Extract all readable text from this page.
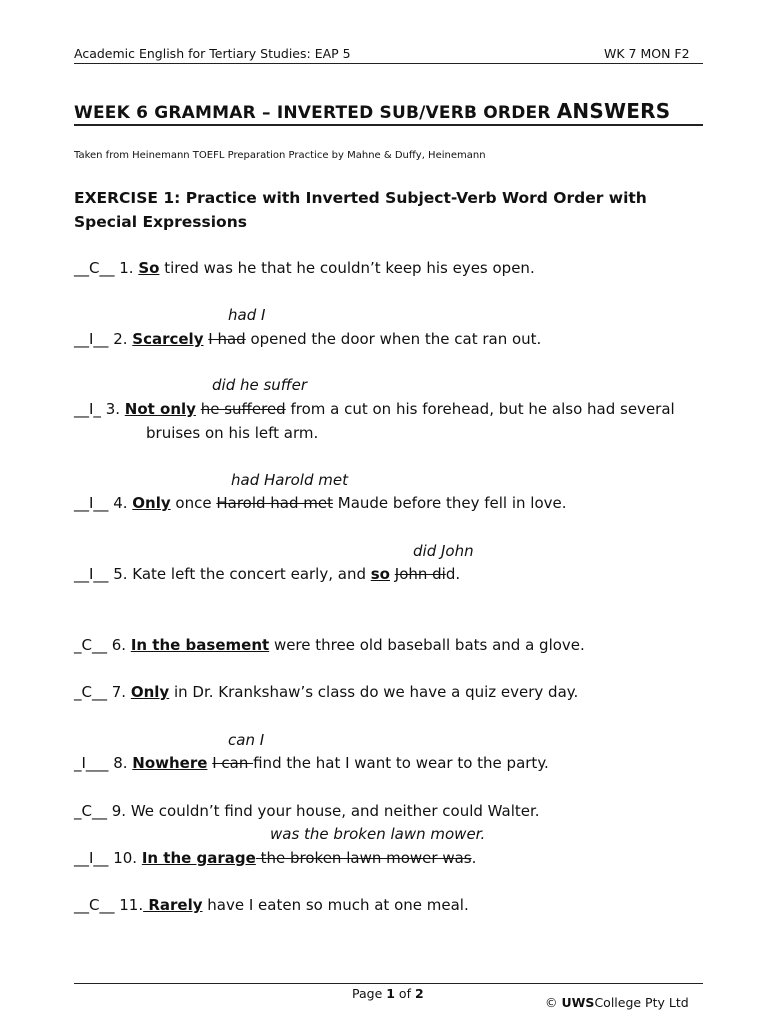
Academic English for Tertiary Studies: EAP 5	WK 7 MON F2
WEEK 6 GRAMMAR – INVERTED SUB/VERB ORDER ANSWERS
Taken from Heinemann TOEFL Preparation Practice by Mahne & Duffy, Heinemann
EXERCISE 1: Practice with Inverted Subject-Verb Word Order with
Special Expressions
__C__ 1. So tired was he that he couldn’t keep his eyes open.
had I
__I__ 2. Scarcely I had opened the door when the cat ran out.
did he suffer
__I_ 3. Not only he suffered from a cut on his forehead, but he also had several
bruises on his left arm.
had Harold met
__I__ 4. Only once Harold had met Maude before they fell in love.
did John
__I__ 5. Kate left the concert early, and so John did.
_C__ 6. In the basement were three old baseball bats and a glove.
_C__ 7. Only in Dr. Krankshaw’s class do we have a quiz every day.
can I
_I___ 8. Nowhere I can find the hat I want to wear to the party.
_C__ 9. We couldn’t find your house, and neither could Walter.
was the broken lawn mower.
__I__ 10. In the garage the broken lawn mower was.
__C__ 11. Rarely have I eaten so much at one meal.
Page 1 of 2
© UWSCollege Pty Ltd
